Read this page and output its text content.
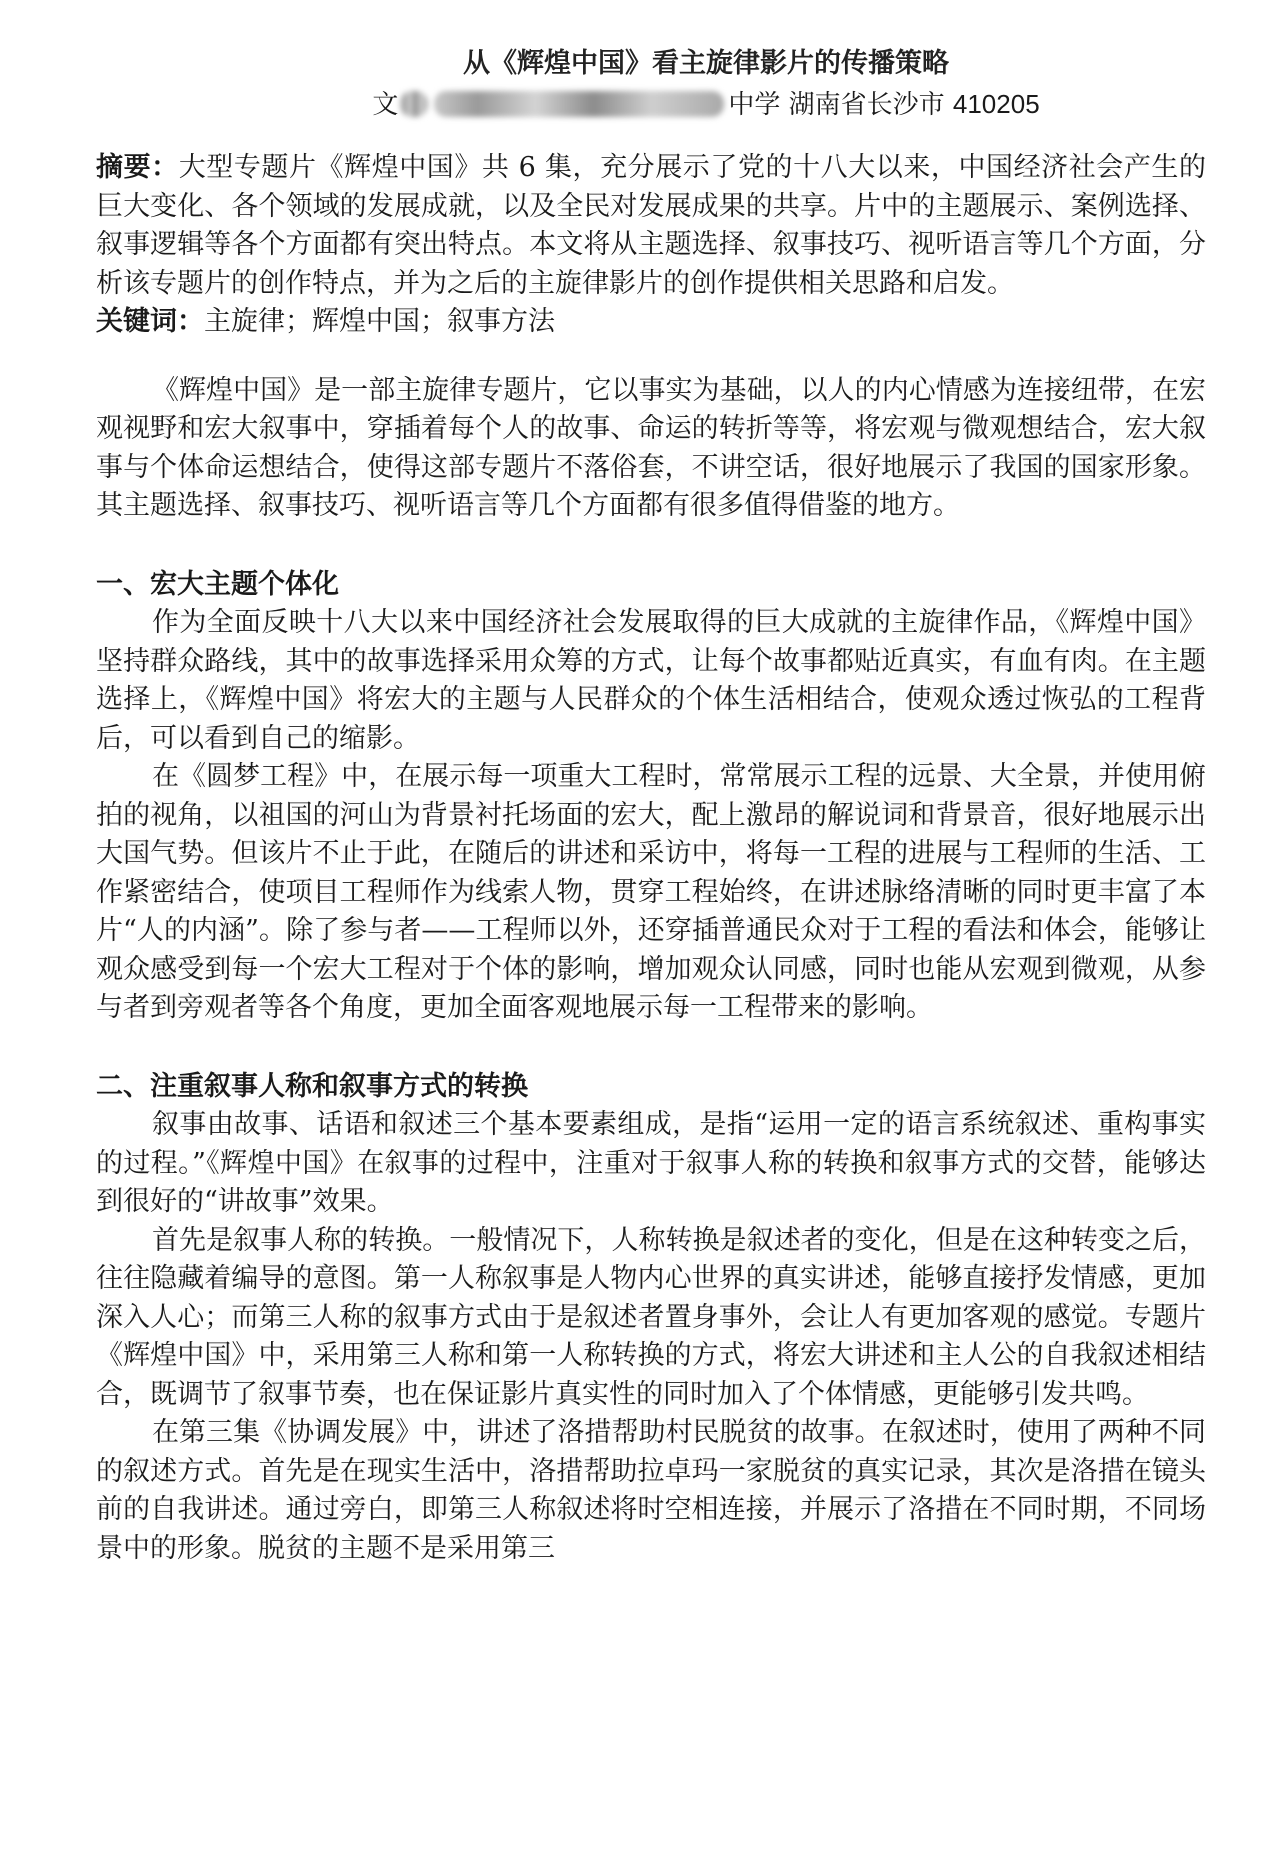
从《辉煌中国》看主旋律影片的传播策略
文	中学 湖南省长沙市 410205

摘要：大型专题片《辉煌中国》共 6 集，充分展示了党的十八大以来，中国经济社会产生的巨大变化、各个领域的发展成就，以及全民对发展成果的共享。片中的主题展示、案例选择、叙事逻辑等各个方面都有突出特点。本文将从主题选择、叙事技巧、视听语言等几个方面，分析该专题片的创作特点，并为之后的主旋律影片的创作提供相关思路和启发。

关键词：主旋律；辉煌中国；叙事方法

《辉煌中国》是一部主旋律专题片，它以事实为基础，以人的内心情感为连接纽带，在宏观视野和宏大叙事中，穿插着每个人的故事、命运的转折等等，将宏观与微观想结合，宏大叙事与个体命运想结合，使得这部专题片不落俗套，不讲空话，很好地展示了我国的国家形象。其主题选择、叙事技巧、视听语言等几个方面都有很多值得借鉴的地方。

一、宏大主题个体化

作为全面反映十八大以来中国经济社会发展取得的巨大成就的主旋律作品，《辉煌中国》坚持群众路线，其中的故事选择采用众筹的方式，让每个故事都贴近真实，有血有肉。在主题选择上，《辉煌中国》将宏大的主题与人民群众的个体生活相结合，使观众透过恢弘的工程背后，可以看到自己的缩影。

在《圆梦工程》中，在展示每一项重大工程时，常常展示工程的远景、大全景，并使用俯拍的视角，以祖国的河山为背景衬托场面的宏大，配上激昂的解说词和背景音，很好地展示出大国气势。但该片不止于此，在随后的讲述和采访中，将每一工程的进展与工程师的生活、工作紧密结合，使项目工程师作为线索人物，贯穿工程始终，在讲述脉络清晰的同时更丰富了本片“人的内涵”。除了参与者——工程师以外，还穿插普通民众对于工程的看法和体会，能够让观众感受到每一个宏大工程对于个体的影响，增加观众认同感，同时也能从宏观到微观，从参与者到旁观者等各个角度，更加全面客观地展示每一工程带来的影响。

二、注重叙事人称和叙事方式的转换

叙事由故事、话语和叙述三个基本要素组成，是指“运用一定的语言系统叙述、重构事实的过程。”《辉煌中国》在叙事的过程中，注重对于叙事人称的转换和叙事方式的交替，能够达到很好的“讲故事”效果。

首先是叙事人称的转换。一般情况下，人称转换是叙述者的变化，但是在这种转变之后，往往隐藏着编导的意图。第一人称叙事是人物内心世界的真实讲述，能够直接抒发情感，更加深入人心；而第三人称的叙事方式由于是叙述者置身事外，会让人有更加客观的感觉。专题片《辉煌中国》中，采用第三人称和第一人称转换的方式，将宏大讲述和主人公的自我叙述相结合，既调节了叙事节奏，也在保证影片真实性的同时加入了个体情感，更能够引发共鸣。

在第三集《协调发展》中，讲述了洛措帮助村民脱贫的故事。在叙述时，使用了两种不同的叙述方式。首先是在现实生活中，洛措帮助拉卓玛一家脱贫的真实记录，其次是洛措在镜头前的自我讲述。通过旁白，即第三人称叙述将时空相连接，并展示了洛措在不同时期，不同场景中的形象。脱贫的主题不是采用第三
